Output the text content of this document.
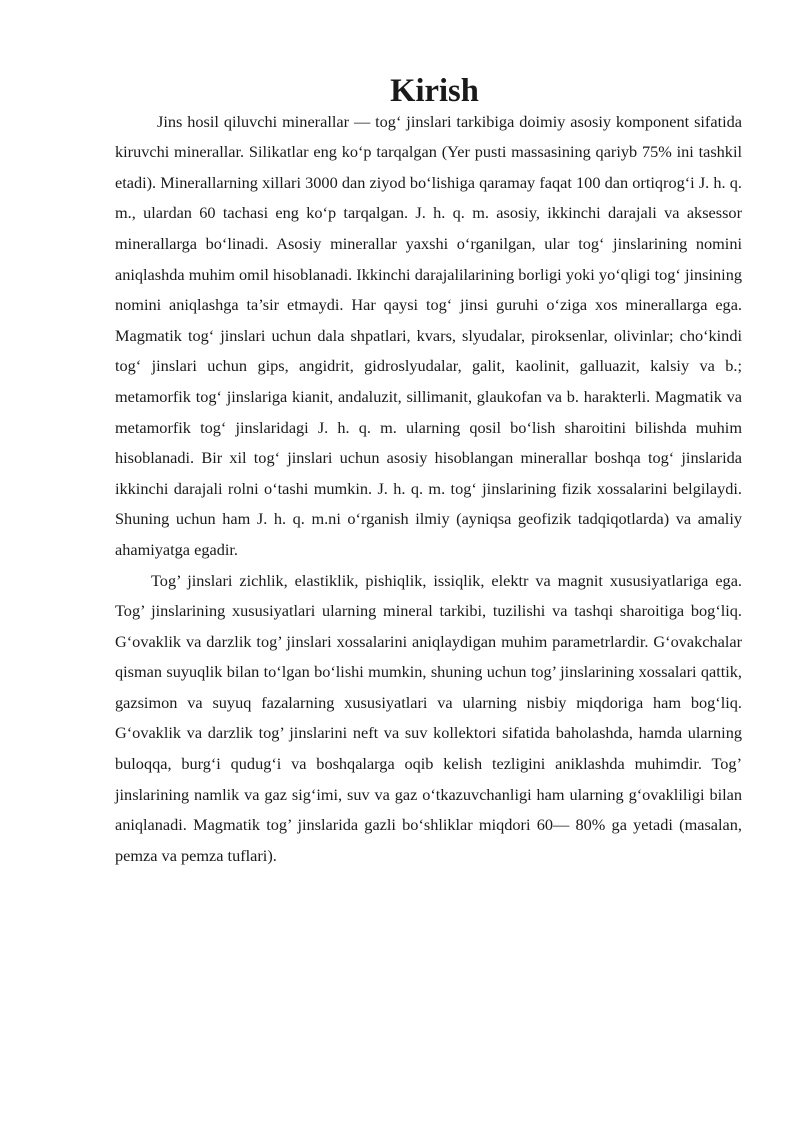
Kirish

Jins hosil qiluvchi minerallar — tog‘ jinslari tarkibiga doimiy asosiy komponent sifatida kiruvchi minerallar. Silikatlar eng ko‘p tarqalgan (Yer pusti massasining qariyb 75% ini tashkil etadi). Minerallarning xillari 3000 dan ziyod bo‘lishiga qaramay faqat 100 dan ortiqrog‘i J. h. q. m., ulardan 60 tachasi eng ko‘p tarqalgan. J. h. q. m. asosiy, ikkinchi darajali va aksessor minerallarga bo‘linadi. Asosiy minerallar yaxshi o‘rganilgan, ular tog‘ jinslarining nomini aniqlashda muhim omil hisoblanadi. Ikkinchi darajalilarining borligi yoki yo‘qligi tog‘ jinsining nomini aniqlashga ta’sir etmaydi. Har qaysi tog‘ jinsi guruhi o‘ziga xos minerallarga ega. Magmatik tog‘ jinslari uchun dala shpatlari, kvars, slyudalar, piroksenlar, olivinlar; cho‘kindi tog‘ jinslari uchun gips, angidrit, gidroslyudalar, galit, kaolinit, galluazit, kalsiy va b.; metamorfik tog‘ jinslariga kianit, andaluzit, sillimanit, glaukofan va b. harakterli. Magmatik va metamorfik tog‘ jinslaridagi J. h. q. m. ularning qosil bo‘lish sharoitini bilishda muhim hisoblanadi. Bir xil tog‘ jinslari uchun asosiy hisoblangan minerallar boshqa tog‘ jinslarida ikkinchi darajali rolni o‘tashi mumkin. J. h. q. m. tog‘ jinslarining fizik xossalarini belgilaydi. Shuning uchun ham J. h. q. m.ni o‘rganish ilmiy (ayniqsa geofizik tadqiqotlarda) va amaliy ahamiyatga egadir.

Tog’ jinslari zichlik, elastiklik, pishiqlik, issiqlik, elektr va magnit xususiyatlariga ega. Tog’ jinslarining xususiyatlari ularning mineral tarkibi, tuzilishi va tashqi sharoitiga bog‘liq. G‘ovaklik va darzlik tog’ jinslari xossalarini aniqlaydigan muhim parametrlardir. G‘ovakchalar qisman suyuqlik bilan to‘lgan bo‘lishi mumkin, shuning uchun tog’ jinslarining xossalari qattik, gazsimon va suyuq fazalarning xususiyatlari va ularning nisbiy miqdoriga ham bog‘liq. G‘ovaklik va darzlik tog’ jinslarini neft va suv kollektori sifatida baholashda, hamda ularning buloqqa, burg‘i qudug‘i va boshqalarga oqib kelish tezligini aniklashda muhimdir. Tog’ jinslarining namlik va gaz sig‘imi, suv va gaz o‘tkazuvchanligi ham ularning g‘ovakliligi bilan aniqlanadi. Magmatik tog’ jinslarida gazli bo‘shliklar miqdori 60— 80% ga yetadi (masalan, pemza va pemza tuflari).
